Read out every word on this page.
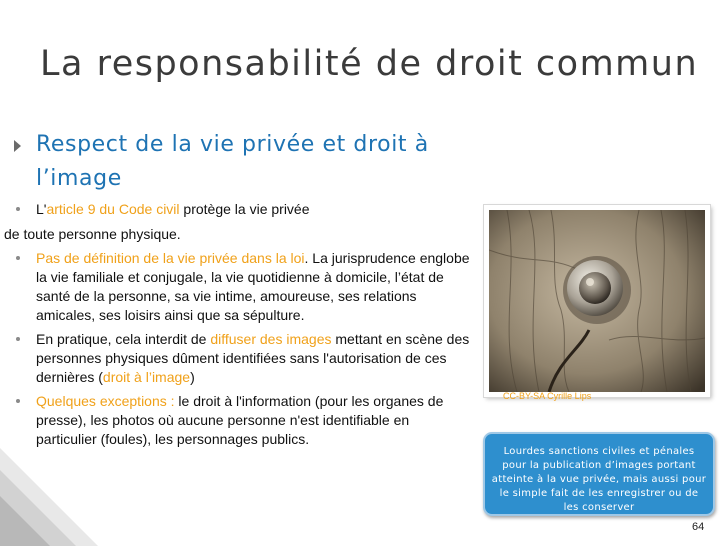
La responsabilité de droit commun
Respect de la vie privée et droit à l’image
L'article 9 du Code civil protège la vie privée
de toute personne physique.
Pas de définition de la vie privée dans la loi. La jurisprudence englobe la vie familiale et conjugale, la vie quotidienne à domicile, l’état de santé de la personne, sa vie intime, amoureuse, ses relations amicales, ses loisirs ainsi que sa sépulture.
En pratique, cela interdit de diffuser des images mettant en scène des personnes physiques dûment identifiées sans l'autorisation de ces dernières (droit à l’image)
Quelques exceptions : le droit à l'information (pour les organes de presse), les photos où aucune personne n'est identifiable en particulier (foules), les personnages publics.
CC-BY-SA Cyrille Lips
Lourdes sanctions civiles et pénales pour la publication d’images portant atteinte à la vue privée, mais aussi pour le simple fait de les enregistrer ou de les conserver
64
